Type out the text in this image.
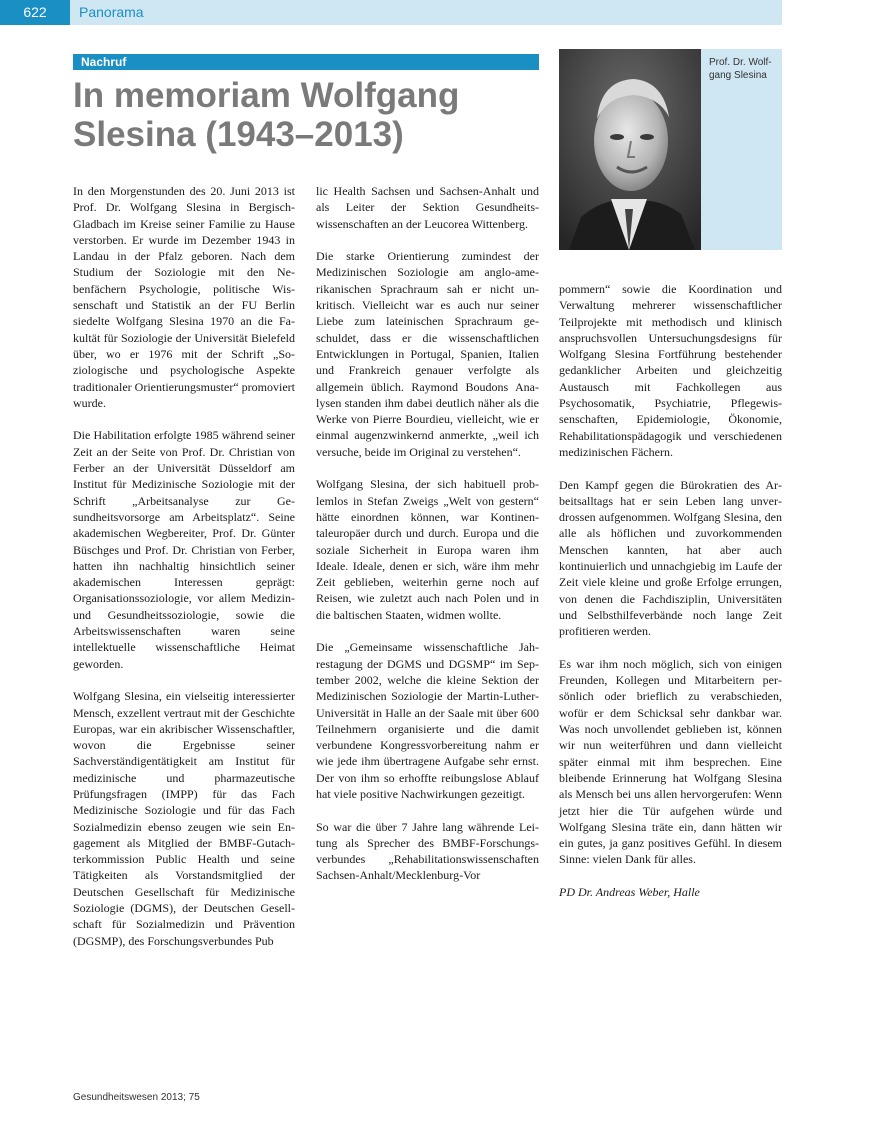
622	Panorama
Nachruf
In memoriam Wolfgang Slesina (1943–2013)
Prof. Dr. Wolfgang Slesina

In den Morgenstunden des 20. Juni 2013 ist Prof. Dr. Wolfgang Slesina in Bergisch-Gladbach im Kreise seiner Familie zu Hause verstorben. Er wurde im Dezember 1943 in Landau in der Pfalz geboren. Nach dem Studium der Soziologie mit den Nebenfächern Psychologie, politische Wissenschaft und Statistik an der FU Berlin siedelte Wolfgang Slesina 1970 an die Fakultät für Soziologie der Universität Bielefeld über, wo er 1976 mit der Schrift „Soziologische und psychologische Aspekte traditionaler Orientierungsmuster“ promoviert wurde.

Die Habilitation erfolgte 1985 während seiner Zeit an der Seite von Prof. Dr. Christian von Ferber an der Universität Düsseldorf am Institut für Medizinische Soziologie mit der Schrift „Arbeitsanalyse zur Gesundheitsvorsorge am Arbeitsplatz“. Seine akademischen Wegbereiter, Prof. Dr. Günter Büschges und Prof. Dr. Christian von Ferber, hatten ihn nachhaltig hinsichtlich seiner akademischen Interessen geprägt: Organisationssoziologie, vor allem Medizin- und Gesundheitssoziologie, sowie die Arbeitswissenschaften waren seine intellektuelle wissenschaftliche Heimat geworden.

Wolfgang Slesina, ein vielseitig interessierter Mensch, exzellent vertraut mit der Geschichte Europas, war ein akribischer Wissenschaftler, wovon die Ergebnisse seiner Sachverständigentätigkeit am Institut für medizinische und pharmazeutische Prüfungsfragen (IMPP) für das Fach Medizinische Soziologie und für das Fach Sozialmedizin ebenso zeugen wie sein Engagement als Mitglied der BMBF-Gutachterkommission Public Health und seine Tätigkeiten als Vorstandsmitglied der Deutschen Gesellschaft für Medizinische Soziologie (DGMS), der Deutschen Gesellschaft für Sozialmedizin und Prävention (DGSMP), des Forschungsverbundes Pub

lic Health Sachsen und Sachsen-Anhalt und als Leiter der Sektion Gesundheitswissenschaften an der Leucorea Wittenberg.

Die starke Orientierung zumindest der Medizinischen Soziologie am anglo-amerikanischen Sprachraum sah er nicht unkritisch. Vielleicht war es auch nur seiner Liebe zum lateinischen Sprachraum geschuldet, dass er die wissenschaftlichen Entwicklungen in Portugal, Spanien, Italien und Frankreich genauer verfolgte als allgemein üblich. Raymond Boudons Analysen standen ihm dabei deutlich näher als die Werke von Pierre Bourdieu, vielleicht, wie er einmal augenzwinkernd anmerkte, „weil ich versuche, beide im Original zu verstehen“.

Wolfgang Slesina, der sich habituell problemlos in Stefan Zweigs „Welt von gestern“ hätte einordnen können, war Kontinentaleuropäer durch und durch. Europa und die soziale Sicherheit in Europa waren ihm Ideale. Ideale, denen er sich, wäre ihm mehr Zeit geblieben, weiterhin gerne noch auf Reisen, wie zuletzt auch nach Polen und in die baltischen Staaten, widmen wollte.

Die „Gemeinsame wissenschaftliche Jahrestagung der DGMS und DGSMP“ im September 2002, welche die kleine Sektion der Medizinischen Soziologie der Martin-Luther-Universität in Halle an der Saale mit über 600 Teilnehmern organisierte und die damit verbundene Kongressvorbereitung nahm er wie jede ihm übertragene Aufgabe sehr ernst. Der von ihm so erhoffte reibungslose Ablauf hat viele positive Nachwirkungen gezeitigt.

So war die über 7 Jahre lang währende Leitung als Sprecher des BMBF-Forschungsverbundes „Rehabilitationswissenschaften Sachsen-Anhalt/Mecklenburg-Vor

pommern“ sowie die Koordination und Verwaltung mehrerer wissenschaftlicher Teilprojekte mit methodisch und klinisch anspruchsvollen Untersuchungsdesigns für Wolfgang Slesina Fortführung bestehender gedanklicher Arbeiten und gleichzeitig Austausch mit Fachkollegen aus Psychosomatik, Psychiatrie, Pflegewissenschaften, Epidemiologie, Ökonomie, Rehabilitationspädagogik und verschiedenen medizinischen Fächern.

Den Kampf gegen die Bürokratien des Arbeitsalltags hat er sein Leben lang unverdrossen aufgenommen. Wolfgang Slesina, den alle als höflichen und zuvorkommenden Menschen kannten, hat aber auch kontinuierlich und unnachgiebig im Laufe der Zeit viele kleine und große Erfolge errungen, von denen die Fachdisziplin, Universitäten und Selbsthilfeverbände noch lange Zeit profitieren werden.

Es war ihm noch möglich, sich von einigen Freunden, Kollegen und Mitarbeitern persönlich oder brieflich zu verabschieden, wofür er dem Schicksal sehr dankbar war. Was noch unvollendet geblieben ist, können wir nun weiterführen und dann vielleicht später einmal mit ihm besprechen. Eine bleibende Erinnerung hat Wolfgang Slesina als Mensch bei uns allen hervorgerufen: Wenn jetzt hier die Tür aufgehen würde und Wolfgang Slesina träte ein, dann hätten wir ein gutes, ja ganz positives Gefühl. In diesem Sinne: vielen Dank für alles.

PD Dr. Andreas Weber, Halle

Gesundheitswesen 2013; 75
